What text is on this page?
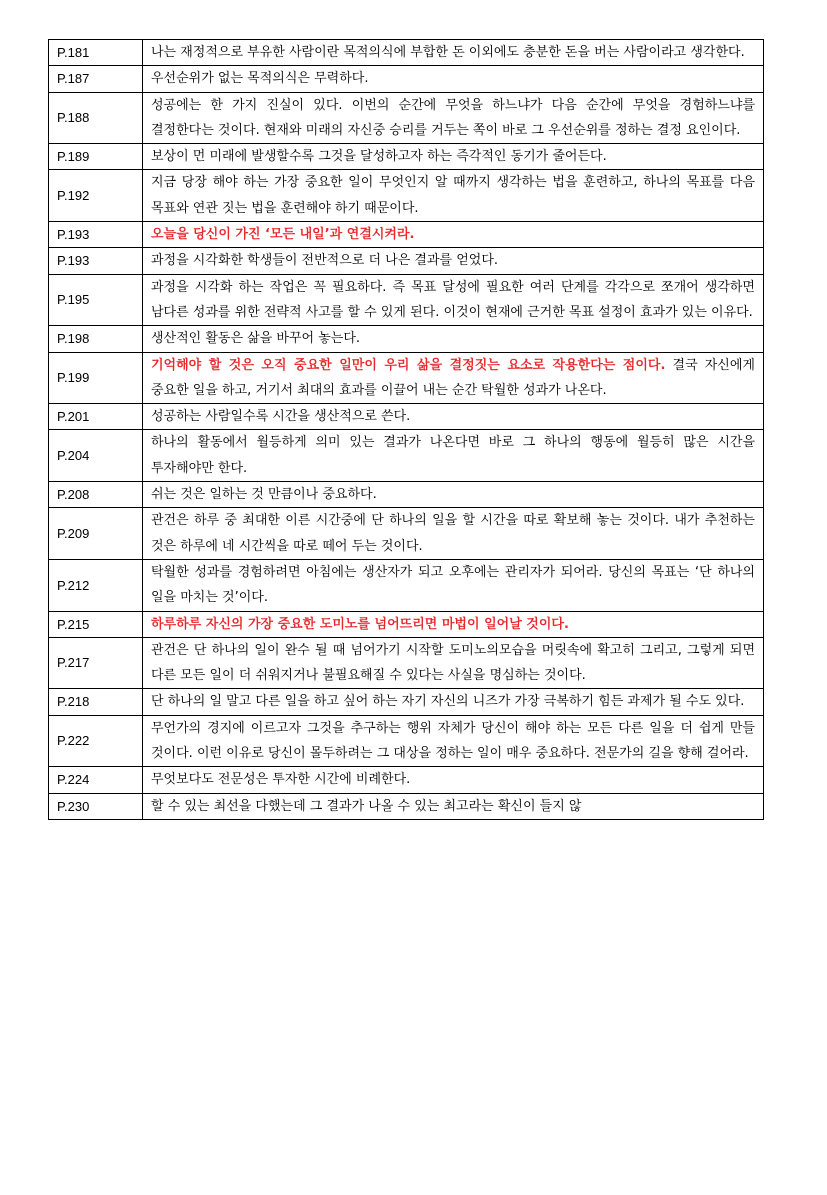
P.181	나는 재정적으로 부유한 사람이란 목적의식에 부합한 돈 이외에도 충분한 돈을 버는 사람이라고 생각한다.
P.187	우선순위가 없는 목적의식은 무력하다.
P.188	성공에는 한 가지 진실이 있다. 이번의 순간에 무엇을 하느냐가 다음 순간에 무엇을 경험하느냐를 결정한다는 것이다. 현재와 미래의 자신중 승리를 거두는 쪽이 바로 그 우선순위를 정하는 결정 요인이다.
P.189	보상이 먼 미래에 발생할수록 그것을 달성하고자 하는 즉각적인 동기가 줄어든다.
P.192	지금 당장 해야 하는 가장 중요한 일이 무엇인지 알 때까지 생각하는 법을 훈련하고, 하나의 목표를 다음 목표와 연관 짓는 법을 훈련해야 하기 때문이다.
P.193	오늘을 당신이 가진 ‘모든 내일’과 연결시켜라.
P.193	과정을 시각화한 학생들이 전반적으로 더 나은 결과를 얻었다.
P.195	과정을 시각화 하는 작업은 꼭 필요하다. 즉 목표 달성에 필요한 여러 단계를 각각으로 쪼개어 생각하면 남다른 성과를 위한 전략적 사고를 할 수 있게 된다. 이것이 현재에 근거한 목표 설정이 효과가 있는 이유다.
P.198	생산적인 활동은 삶을 바꾸어 놓는다.
P.199	기억해야 할 것은 오직 중요한 일만이 우리 삶을 결정짓는 요소로 작용한다는 점이다. 결국 자신에게 중요한 일을 하고, 거기서 최대의 효과를 이끌어 내는 순간 탁월한 성과가 나온다.
P.201	성공하는 사람일수록 시간을 생산적으로 쓴다.
P.204	하나의 활동에서 월등하게 의미 있는 결과가 나온다면 바로 그 하나의 행동에 월등히 많은 시간을 투자해야만 한다.
P.208	쉬는 것은 일하는 것 만큼이나 중요하다.
P.209	관건은 하루 중 최대한 이른 시간중에 단 하나의 일을 할 시간을 따로 확보해 놓는 것이다. 내가 추천하는 것은 하루에 네 시간씩을 따로 떼어 두는 것이다.
P.212	탁월한 성과를 경험하려면 아침에는 생산자가 되고 오후에는 관리자가 되어라. 당신의 목표는 ‘단 하나의 일을 마치는 것’이다.
P.215	하루하루 자신의 가장 중요한 도미노를 넘어뜨리면 마법이 일어날 것이다.
P.217	관건은 단 하나의 일이 완수 될 때 넘어가기 시작할 도미노의모습을 머릿속에 확고히 그리고, 그렇게 되면 다른 모든 일이 더 쉬워지거나 불필요해질 수 있다는 사실을 명심하는 것이다.
P.218	단 하나의 일 말고 다른 일을 하고 싶어 하는 자기 자신의 니즈가 가장 극복하기 힘든 과제가 될 수도 있다.
P.222	무언가의 경지에 이르고자 그것을 추구하는 행위 자체가 당신이 해야 하는 모든 다른 일을 더 쉽게 만들 것이다. 이런 이유로 당신이 몰두하려는 그 대상을 정하는 일이 매우 중요하다. 전문가의 길을 향해 걸어라.
P.224	무엇보다도 전문성은 투자한 시간에 비례한다.
P.230	할 수 있는 최선을 다했는데 그 결과가 나올 수 있는 최고라는 확신이 들지 않
